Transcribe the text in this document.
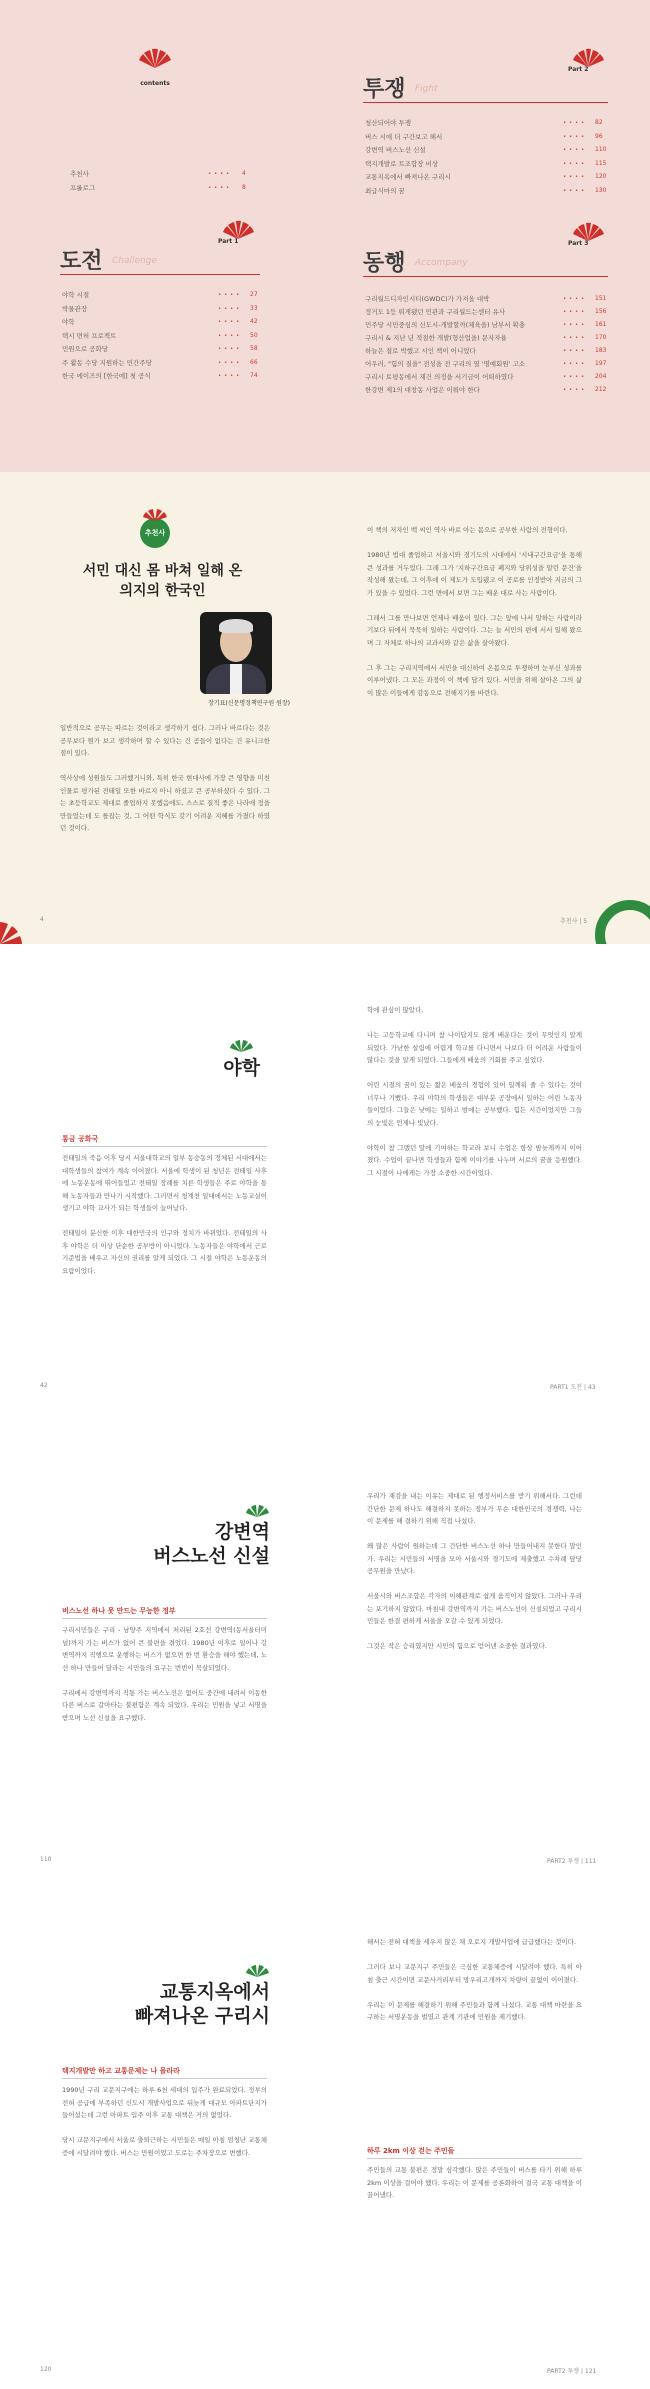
contents
추천사	• • • • 4
프롤로그	• • • • 8
Part 1
도전 Challenge
야학 시절	• • • • 27
박물관장	• • • • 33
야학	• • • • 42
택시 면허 프로젝트	• • • • 50
민원으로 공화당	• • • • 58
주 활동 수당 지원하는 민간주당	• • • • 66
한국 에이즈의 [한국에] 첫 공식	• • • • 74
Part 2
투쟁 Fight
청산되어야 투쟁	• • • • 82
버스 시에 더 구간보고 해서	• • • • 96
강변역 버스노선 신설	• • • • 110
택지개발로 트조합장 비상	• • • • 115
교통지옥에서 빠져나온 구리시	• • • • 120
최급식마의 꿈	• • • • 130
Part 3
동행 Accompany
구리월드디자인시티(GWDC)가 가져올 대박	• • • • 151
정거도 1등 뛰게됐던 민관과 구리월드는센터 유사	• • • • 156
민주당 시민중심의 신도시-개발할까(체육을) 남부서 확충	• • • • 161
구리시 & 지난 년 적절한 개발(형산업을) 문자자율	• • • • 170
하늘은 절로 박했고 시인 책이 어니었다	• • • • 183
어우러, "힘의 질을" 전성을 전 구리의 열 '명예회원' 고소	• • • • 197
구리시 토평동에서 재건 의정을 서기금이 어떠하였다	• • • • 204
한강변 제1의 대창동 사업은 이뤄야 한다	• • • • 212
추천사
서민 대신 몸 바쳐 일해 온
의지의 한국인
장기표(신문명정책연구원 원장)
일반적으로 공무는 따르는 것이라고 생각하기 쉽다. 그러나 바르다는 것은 공무보다 뭔가 보고 생각하며 할 수 있다는 건 곰들이 없다는 건 유니크한 점이 있다.

역사상에 성원들도 그러했거니와, 특히 한국 현대사에 가장 큰 영향을 미친 인물로 평가된 전태일 또한 바르지 아니 하셨고 큰 공부하셨다 수 있다. 그는 초등학교도 제대로 졸업하지 못했음에도, 스스로 질적 좋은 나라에 정을 만들었는데 도 틀잡는 것, 그 어떤 학식도 갖기 어려운 지혜를 가졌다 하였던 것이다.
4
이 책의 저자인 백 씨인 역사 바로 아는 몸으로 공부한 사람의 전형이다.

1980년 법대 졸업하고 서울시와 경기도의 시대에서 '시내구간요금'을 통해 큰 성과를 거두었다. 그래 그가 '지하구간요금 폐지와 당위성을 알린 문건'을 작성해 왔는데, 그 이후에 이 제도가 도입됐고 이 공로를 인정받아 지금의 그가 있을 수 있었다. 그런 면에서 보면 그는 배운 대로 사는 사람이다.

그래서 그를 만나보면 언제나 배움이 있다. 그는 앞에 나서 말하는 사람이라기보다 뒤에서 묵묵히 일하는 사람이다. 그는 늘 서민의 편에 서서 일해 왔으며 그 자체로 하나의 교과서와 같은 삶을 살아왔다.

그 후 그는 구리지역에서 서민을 대신하여 온몸으로 투쟁하며 눈부신 성과를 이루어냈다. 그 모든 과정이 이 책에 담겨 있다. 서민을 위해 살아온 그의 삶이 많은 이들에게 감동으로 전해지기를 바란다.
추천사 | 5
야학
통금 공화국
전태일의 죽음 이후 당시 서울대학교의 일부 동숭동의 정체된 시대에서는 대학생들의 참여가 계속 이어졌다. 서울에 학생이 된 청년은 전태일 사후에 노동운동에 뛰어들었고 전태일 장례를 치른 학생들은 주로 야학을 통해 노동자들과 만나기 시작했다. 그러면서 청계천 일대에서는 노동교실이 생기고 야학 교사가 되는 학생들이 늘어났다.

전태일이 분신한 이후 대한민국의 인구와 정치가 바뀌었다. 전태일의 사후 야학은 더 이상 단순한 공부방이 아니었다. 노동자들은 야학에서 근로기준법을 배우고 자신의 권리를 알게 되었다. 그 시절 야학은 노동운동의 요람이었다.
42
학에 관심이 많았다.

나는 고등학교에 다니며 참 나이답지도 않게 배운다는 것이 무엇인지 알게 되었다. 가난한 살림에 어렵게 학교를 다니면서 나보다 더 어려운 사람들이 많다는 것을 알게 되었다. 그들에게 배움의 기회를 주고 싶었다.

어린 시절의 꿈이 있는 짧은 배움의 경험이 있어 일깨워 줄 수 있다는 것이 너무나 기뻤다. 우리 야학의 학생들은 대부분 공장에서 일하는 어린 노동자들이었다. 그들은 낮에는 일하고 밤에는 공부했다. 힘든 시간이었지만 그들의 눈빛은 언제나 빛났다.

야학이 참 그랬던 말에 기여하는 학교라 보니 수업은 항상 밤늦게까지 이어졌다. 수업이 끝나면 학생들과 함께 이야기를 나누며 서로의 꿈을 응원했다. 그 시절이 나에게는 가장 소중한 시간이었다.
PART1 도전 | 43
강변역
버스노선 신설
버스노선 하나 못 만드는 무능한 정부
구리시민들은 구리 - 남양주 지역에서 처리된 2호선 강변역(동서울터미널)까지 가는 버스가 없어 큰 불편을 겪었다. 1980년 이후로 일어나 강변역까지 직행으로 운행하는 버스가 없으면 한 번 환승을 해야 했는데, 노선 하나 만들어 달라는 시민들의 요구는 번번이 묵살되었다.

구리에서 강변역까지 직통 가는 버스노선은 없어도 중간에 내려서 이동한 다른 버스로 갈아타는 불편함은 계속 되었다. 우리는 민원을 넣고 서명을 받으며 노선 신설을 요구했다.
110
우리가 재검을 내는 이유는 제대로 된 행정서비스를 받기 위해서다. 그런데 간단한 문제 하나도 해결하지 못하는 정부가 무슨 대한민국의 경쟁력, 나는 이 문제를 해 결하기 위해 직접 나섰다.

왜 많은 사람이 원하는데 그 간단한 버스노선 하나 만들어내지 못한다 말인가. 우리는 시민들의 서명을 모아 서울시와 경기도에 제출했고 수차례 담당 공무원을 만났다.

서울시와 버스조합은 각자의 이해관계로 쉽게 움직이지 않았다. 그러나 우리는 포기하지 않았다. 마침내 강변역까지 가는 버스노선이 신설되었고 구리시민들은 한결 편하게 서울을 오갈 수 있게 되었다.

그것은 작은 승리였지만 시민의 힘으로 얻어낸 소중한 결과였다.
PART2 투쟁 | 111
교통지옥에서
빠져나온 구리시
택지개발만 하고 교통문제는 나 몰라라
1990년 구리 교문지구에는 하루 6천 세대의 입주가 완료되었다. 정부의 전혀 공급에 부족하던 신도시 개발사업으로 뒤늦게 대규모 아파트단지가 들어섰는데 그런 아파트 입주 이후 교통 대책은 거의 없었다.

당시 교문지구에서 서울로 출퇴근하는 시민들은 매일 아침 엄청난 교통체증에 시달려야 했다. 버스는 만원이었고 도로는 주차장으로 변했다.
120
해서는 전혀 대책을 세우지 않은 채 오로지 개발사업에 급급했다는 것이다.

그러다 보니 교문지구 주민들은 극심한 교통체증에 시달려야 했다. 특히 아침 출근 시간이면 교문사거리부터 망우리고개까지 차량이 끝없이 이어졌다.

우리는 이 문제를 해결하기 위해 주민들과 함께 나섰다. 교통 대책 마련을 요구하는 서명운동을 벌였고 관계 기관에 민원을 제기했다.
하루 2km 이상 걷는 주민들
주민들의 교통 불편은 정말 심각했다. 많은 주민들이 버스를 타기 위해 하루 2km 이상을 걸어야 했다. 우리는 이 문제를 공론화하여 결국 교통 대책을 이끌어냈다.
PART2 투쟁 | 121
